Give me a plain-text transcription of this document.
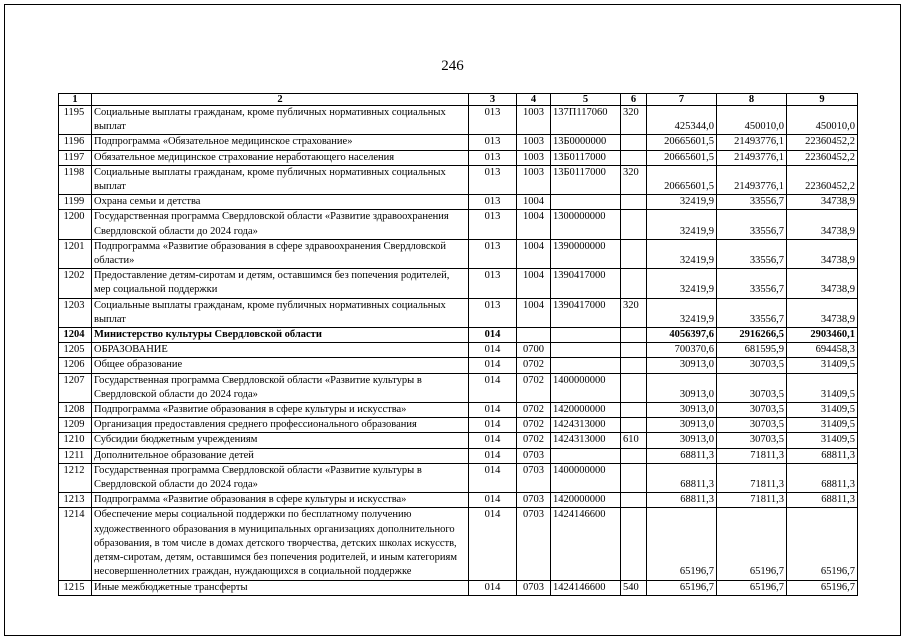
246
1	2	3	4	5	6	7	8	9
1195	Социальные выплаты гражданам, кроме публичных нормативных социальных выплат	013	1003	137П117060	320	425344,0	450010,0	450010,0
1196	Подпрограмма «Обязательное медицинское страхование»	013	1003	13Б0000000		20665601,5	21493776,1	22360452,2
1197	Обязательное медицинское страхование неработающего населения	013	1003	13Б0117000		20665601,5	21493776,1	22360452,2
1198	Социальные выплаты гражданам, кроме публичных нормативных социальных выплат	013	1003	13Б0117000	320	20665601,5	21493776,1	22360452,2
1199	Охрана семьи и детства	013	1004			32419,9	33556,7	34738,9
1200	Государственная программа Свердловской области «Развитие здравоохранения Свердловской области до 2024 года»	013	1004	1300000000		32419,9	33556,7	34738,9
1201	Подпрограмма «Развитие образования в сфере здравоохранения Свердловской области»	013	1004	1390000000		32419,9	33556,7	34738,9
1202	Предоставление детям-сиротам и детям, оставшимся без попечения родителей, мер социальной поддержки	013	1004	1390417000		32419,9	33556,7	34738,9
1203	Социальные выплаты гражданам, кроме публичных нормативных социальных выплат	013	1004	1390417000	320	32419,9	33556,7	34738,9
1204	Министерство культуры Свердловской области	014				4056397,6	2916266,5	2903460,1
1205	ОБРАЗОВАНИЕ	014	0700			700370,6	681595,9	694458,3
1206	Общее образование	014	0702			30913,0	30703,5	31409,5
1207	Государственная программа Свердловской области «Развитие культуры в Свердловской области до 2024 года»	014	0702	1400000000		30913,0	30703,5	31409,5
1208	Подпрограмма «Развитие образования в сфере культуры и искусства»	014	0702	1420000000		30913,0	30703,5	31409,5
1209	Организация предоставления среднего профессионального образования	014	0702	1424313000		30913,0	30703,5	31409,5
1210	Субсидии бюджетным учреждениям	014	0702	1424313000	610	30913,0	30703,5	31409,5
1211	Дополнительное образование детей	014	0703			68811,3	71811,3	68811,3
1212	Государственная программа Свердловской области «Развитие культуры в Свердловской области до 2024 года»	014	0703	1400000000		68811,3	71811,3	68811,3
1213	Подпрограмма «Развитие образования в сфере культуры и искусства»	014	0703	1420000000		68811,3	71811,3	68811,3
1214	Обеспечение меры социальной поддержки по бесплатному получению художественного образования в муниципальных организациях дополнительного образования, в том числе в домах детского творчества, детских школах искусств, детям-сиротам, детям, оставшимся без попечения родителей, и иным категориям несовершеннолетних граждан, нуждающихся в социальной поддержке	014	0703	1424146600		65196,7	65196,7	65196,7
1215	Иные межбюджетные трансферты	014	0703	1424146600	540	65196,7	65196,7	65196,7
